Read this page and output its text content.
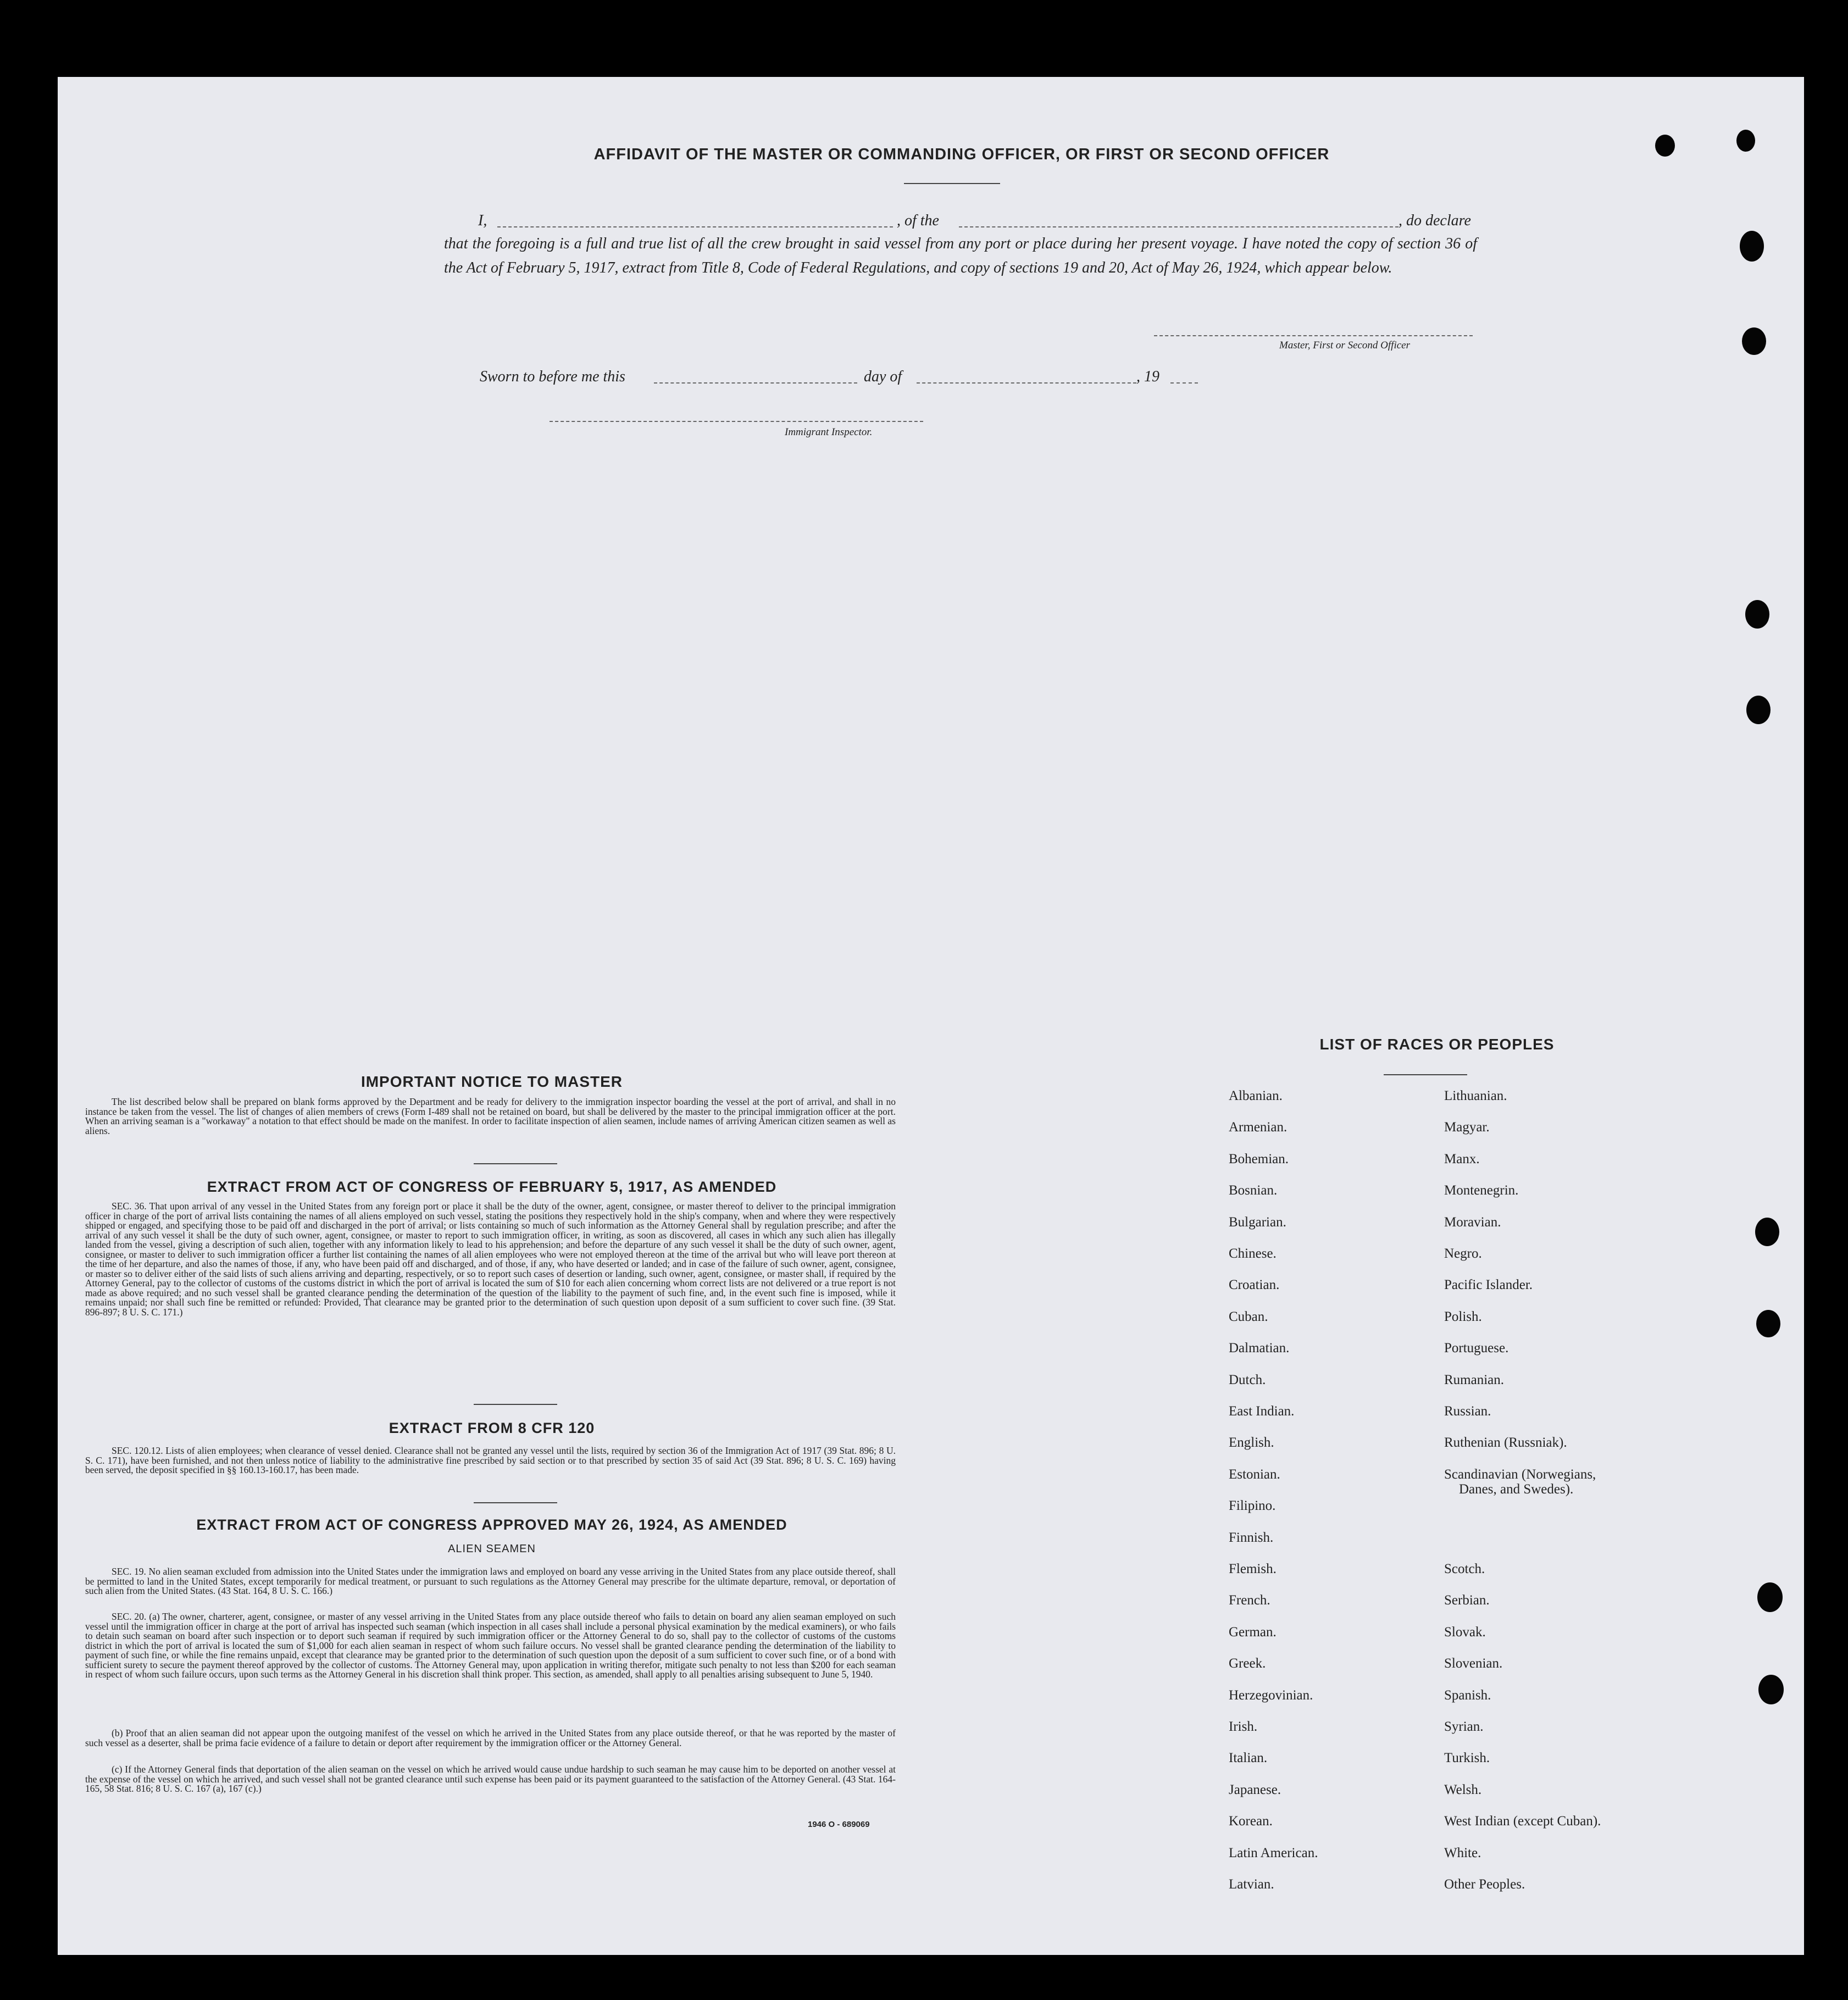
AFFIDAVIT OF THE MASTER OR COMMANDING OFFICER, OR FIRST OR SECOND OFFICER
I,	, of the	, do declare
that the foregoing is a full and true list of all the crew brought in said vessel from any port or place during her present voyage. I have noted the copy of section 36 of the Act of February 5, 1917, extract from Title 8, Code of Federal Regulations, and copy of sections 19 and 20, Act of May 26, 1924, which appear below.
Master, First or Second Officer
Sworn to before me this	day of	, 19
Immigrant Inspector.
IMPORTANT NOTICE TO MASTER
The list described below shall be prepared on blank forms approved by the Department and be ready for delivery to the immigration inspector boarding the vessel at the port of arrival, and shall in no instance be taken from the vessel. The list of changes of alien members of crews (Form I-489 shall not be retained on board, but shall be delivered by the master to the principal immigration officer at the port. When an arriving seaman is a "workaway" a notation to that effect should be made on the manifest. In order to facilitate inspection of alien seamen, include names of arriving American citizen seamen as well as aliens.
EXTRACT FROM ACT OF CONGRESS OF FEBRUARY 5, 1917, AS AMENDED
SEC. 36. That upon arrival of any vessel in the United States from any foreign port or place it shall be the duty of the owner, agent, consignee, or master thereof to deliver to the principal immigration officer in charge of the port of arrival lists containing the names of all aliens employed on such vessel, stating the positions they respectively hold in the ship's company, when and where they were respectively shipped or engaged, and specifying those to be paid off and discharged in the port of arrival; or lists containing so much of such information as the Attorney General shall by regulation prescribe; and after the arrival of any such vessel it shall be the duty of such owner, agent, consignee, or master to report to such immigration officer, in writing, as soon as discovered, all cases in which any such alien has illegally landed from the vessel, giving a description of such alien, together with any information likely to lead to his apprehension; and before the departure of any such vessel it shall be the duty of such owner, agent, consignee, or master to deliver to such immigration officer a further list containing the names of all alien employees who were not employed thereon at the time of the arrival but who will leave port thereon at the time of her departure, and also the names of those, if any, who have been paid off and discharged, and of those, if any, who have deserted or landed; and in case of the failure of such owner, agent, consignee, or master so to deliver either of the said lists of such aliens arriving and departing, respectively, or so to report such cases of desertion or landing, such owner, agent, consignee, or master shall, if required by the Attorney General, pay to the collector of customs of the customs district in which the port of arrival is located the sum of $10 for each alien concerning whom correct lists are not delivered or a true report is not made as above required; and no such vessel shall be granted clearance pending the determination of the question of the liability to the payment of such fine, and, in the event such fine is imposed, while it remains unpaid; nor shall such fine be remitted or refunded: Provided, That clearance may be granted prior to the determination of such question upon deposit of a sum sufficient to cover such fine. (39 Stat. 896-897; 8 U. S. C. 171.)
EXTRACT FROM 8 CFR 120
SEC. 120.12. Lists of alien employees; when clearance of vessel denied. Clearance shall not be granted any vessel until the lists, required by section 36 of the Immigration Act of 1917 (39 Stat. 896; 8 U. S. C. 171), have been furnished, and not then unless notice of liability to the administrative fine prescribed by said section or to that prescribed by section 35 of said Act (39 Stat. 896; 8 U. S. C. 169) having been served, the deposit specified in §§ 160.13-160.17, has been made.
EXTRACT FROM ACT OF CONGRESS APPROVED MAY 26, 1924, AS AMENDED
ALIEN SEAMEN
SEC. 19. No alien seaman excluded from admission into the United States under the immigration laws and employed on board any vesse arriving in the United States from any place outside thereof, shall be permitted to land in the United States, except temporarily for medical treatment, or pursuant to such regulations as the Attorney General may prescribe for the ultimate departure, removal, or deportation of such alien from the United States. (43 Stat. 164, 8 U. S. C. 166.)
SEC. 20. (a) The owner, charterer, agent, consignee, or master of any vessel arriving in the United States from any place outside thereof who fails to detain on board any alien seaman employed on such vessel until the immigration officer in charge at the port of arrival has inspected such seaman (which inspection in all cases shall include a personal physical examination by the medical examiners), or who fails to detain such seaman on board after such inspection or to deport such seaman if required by such immigration officer or the Attorney General to do so, shall pay to the collector of customs of the customs district in which the port of arrival is located the sum of $1,000 for each alien seaman in respect of whom such failure occurs. No vessel shall be granted clearance pending the determination of the liability to payment of such fine, or while the fine remains unpaid, except that clearance may be granted prior to the determination of such question upon the deposit of a sum sufficient to cover such fine, or of a bond with sufficient surety to secure the payment thereof approved by the collector of customs. The Attorney General may, upon application in writing therefor, mitigate such penalty to not less than $200 for each seaman in respect of whom such failure occurs, upon such terms as the Attorney General in his discretion shall think proper. This section, as amended, shall apply to all penalties arising subsequent to June 5, 1940.
(b) Proof that an alien seaman did not appear upon the outgoing manifest of the vessel on which he arrived in the United States from any place outside thereof, or that he was reported by the master of such vessel as a deserter, shall be prima facie evidence of a failure to detain or deport after requirement by the immigration officer or the Attorney General.
(c) If the Attorney General finds that deportation of the alien seaman on the vessel on which he arrived would cause undue hardship to such seaman he may cause him to be deported on another vessel at the expense of the vessel on which he arrived, and such vessel shall not be granted clearance until such expense has been paid or its payment guaranteed to the satisfaction of the Attorney General. (43 Stat. 164-165, 58 Stat. 816; 8 U. S. C. 167 (a), 167 (c).)
1946 O - 689069
LIST OF RACES OR PEOPLES
Albanian.
Armenian.
Bohemian.
Bosnian.
Bulgarian.
Chinese.
Croatian.
Cuban.
Dalmatian.
Dutch.
East Indian.
English.
Estonian.
Filipino.
Finnish.
Flemish.
French.
German.
Greek.
Herzegovinian.
Irish.
Italian.
Japanese.
Korean.
Latin American.
Latvian.
Lithuanian.
Magyar.
Manx.
Montenegrin.
Moravian.
Negro.
Pacific Islander.
Polish.
Portuguese.
Rumanian.
Russian.
Ruthenian (Russniak).
Scandinavian (Norwegians,
Danes, and Swedes).
Scotch.
Serbian.
Slovak.
Slovenian.
Spanish.
Syrian.
Turkish.
Welsh.
West Indian (except Cuban).
White.
Other Peoples.
